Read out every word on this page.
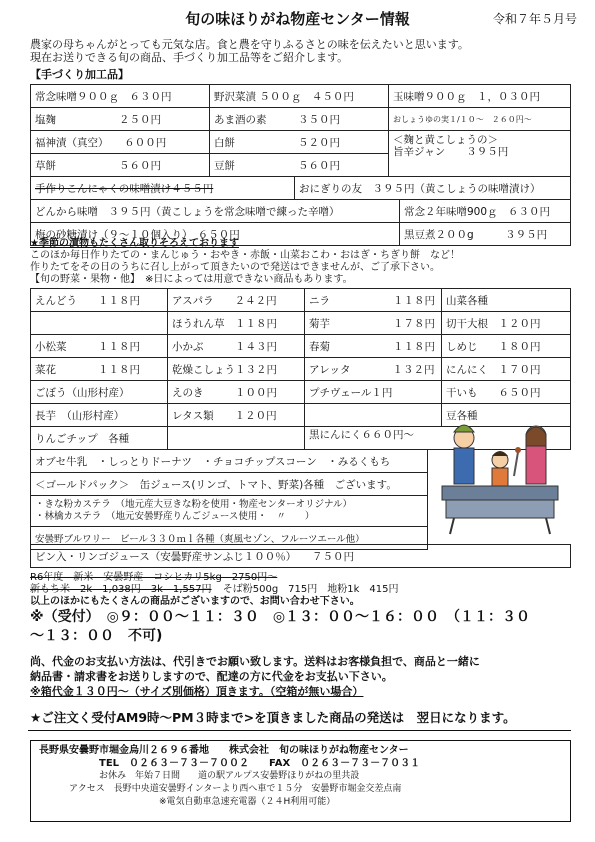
旬の味ほりがね物産センター情報	令和７年５月号
農家の母ちゃんがとっても元気な店。食と農を守りふるさとの味を伝えたいと思います。
現在お送りできる旬の商品、手づくり加工品等をご紹介します。
【手づくり加工品】
常念味噌９００ｇ　６３０円	野沢菜漬 ５００ｇ　４５０円	玉味噌９００ｇ　１，０３０円
塩麹　　　　　　２５０円	あま酒の素　　　３５０円	おしょうゆの実１/１０～　２６０円～
福神漬（真空）　　６００円	白餅　　　　　　５２０円	＜麹と黄こしょうの＞
旨辛ジャン　　３９５円

草餅　　　　　　５６０円	豆餅　　　　　　５６０円	
手作りこんにゃくの味噌漬け４５５円	おにぎりの友　３９５円（黄こしょうの味噌漬け）
どんから味噌　３９５円（黄こしょうを常念味噌で練った辛噌）	常念２年味噌900ｇ　６３０円
梅の砂糖漬け（９～１０個入り）　６５０円	黒豆煮２００g　　　３９５円
★季節の漬物もたくさん取りそろえております
このほか毎日作りたての・まんじゅう・おやき・赤飯・山菜おこわ・おはぎ・ちぎり餅　など！
作りたてをその日のうちに召し上がって頂きたいので発送はできませんが、ご了承下さい。
【旬の野菜・果物・他】　※日によっては用意できない商品もあります。
えんどう　　１１８円	アスパラ　　２４２円	ニラ　　　　　　１１８円	山菜各種
	ほうれん草　１１８円	菊芋　　　　　　１７８円	切干大根　１２０円
小松菜　　　１１８円	小かぶ　　　１４３円	春菊　　　　　　１１８円	しめじ　　１８０円
菜花　　　　１１８円	乾燥こしょう１３２円	アレッタ　　　　１３２円	にんにく　１７０円
ごぼう（山形村産）	えのき　　　１００円	プチヴェール１円	干いも　　６５０円
長芋　（山形村産）	レタス類　　１２０円		豆各種
りんごチップ　各種		黒にんにく６６０円～	
オブセ牛乳　・しっとりドーナツ　・チョコチップスコーン　・みるくもち
＜ゴールドパック＞　缶ジュース(リンゴ、トマト、野菜)各種　ございます。

・きな粉カステラ　（地元産大豆きな粉を使用・物産センターオリジナル）
・林檎カステラ　（地元安曇野産りんごジュース使用・　〃　　）

安曇野ブルワリー　ビール３３０ｍｌ各種（爽風セゾン、フルーツエール他）
ビン入・リンゴジュース（安曇野産サンふじ１００％）　　７５０円
R6年度　新米　安曇野産　コシヒカリ5kg　2750円～
新もち米　2k　1,038円　3k　1,557円 そば粉500g　715円　地粉1k　415円
以上のほかにもたくさんの商品がございますので、お問い合わせ下さい。
※（受付）　◎９：００～１１：３０　◎１３：００～１６：００　（１１：３０
～１３：００　不可)
尚、代金のお支払い方法は、代引きでお願い致します。送料はお客様負担で、商品と一緒に
納品書・請求書をお送りしますので、配達の方に代金をお支払い下さい。
※箱代金１３０円～（サイズ別価格）頂きます。（空箱が無い場合）
★ご注文く受付AM9時～PM３時まで>を頂きました商品の発送は　翌日になります。
長野県安曇野市堀金烏川２６９６番地　　株式会社　旬の味ほりがね物産センター
TEL　０２６３－７３－７００２　　FAX　０２６３－７３－７０３１
お休み　年始７日間　　道の駅アルプス安曇野ほりがねの里共設
アクセス　長野中央道安曇野インターより西へ車で１５分　安曇野市堀金交差点南
※電気自動車急速充電器（２４H利用可能）
